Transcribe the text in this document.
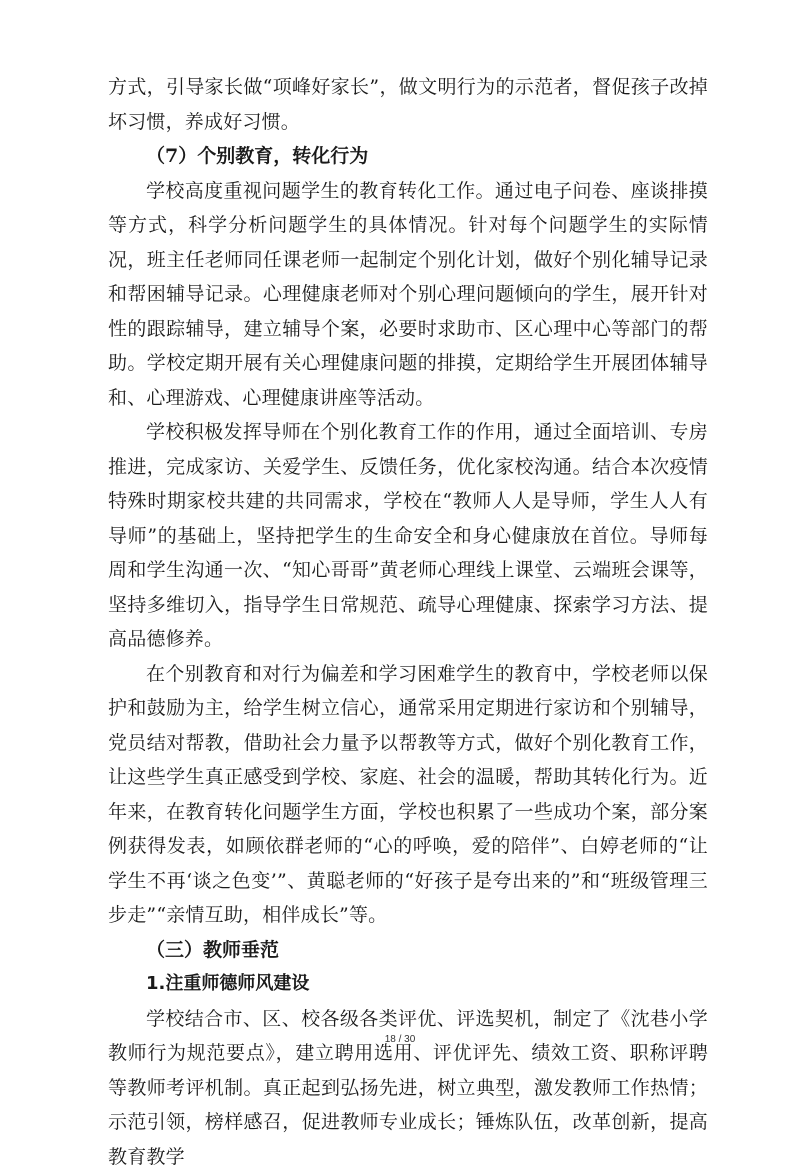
方式，引导家长做“项峰好家长”，做文明行为的示范者，督促孩子改掉坏习惯，养成好习惯。

（7）个别教育，转化行为

学校高度重视问题学生的教育转化工作。通过电子问卷、座谈排摸等方式，科学分析问题学生的具体情况。针对每个问题学生的实际情况，班主任老师同任课老师一起制定个别化计划，做好个别化辅导记录和帮困辅导记录。心理健康老师对个别心理问题倾向的学生，展开针对性的跟踪辅导，建立辅导个案，必要时求助市、区心理中心等部门的帮助。学校定期开展有关心理健康问题的排摸，定期给学生开展团体辅导和、心理游戏、心理健康讲座等活动。

学校积极发挥导师在个别化教育工作的作用，通过全面培训、专房推进，完成家访、关爱学生、反馈任务，优化家校沟通。结合本次疫情特殊时期家校共建的共同需求，学校在“教师人人是导师，学生人人有导师”的基础上，坚持把学生的生命安全和身心健康放在首位。导师每周和学生沟通一次、“知心哥哥”黄老师心理线上课堂、云端班会课等，坚持多维切入，指导学生日常规范、疏导心理健康、探索学习方法、提高品德修养。

在个别教育和对行为偏差和学习困难学生的教育中，学校老师以保护和鼓励为主，给学生树立信心，通常采用定期进行家访和个别辅导，党员结对帮教，借助社会力量予以帮教等方式，做好个别化教育工作，让这些学生真正感受到学校、家庭、社会的温暖，帮助其转化行为。近年来，在教育转化问题学生方面，学校也积累了一些成功个案，部分案例获得发表，如顾依群老师的“心的呼唤，爱的陪伴”、白婷老师的“让学生不再‘谈之色变’”、黄聪老师的“好孩子是夸出来的”和“班级管理三步走”“亲情互助，相伴成长”等。

（三）教师垂范

1.注重师德师风建设

学校结合市、区、校各级各类评优、评选契机，制定了《沈巷小学教师行为规范要点》，建立聘用选用、评优评先、绩效工资、职称评聘等教师考评机制。真正起到弘扬先进，树立典型，激发教师工作热情；示范引领，榜样感召，促进教师专业成长；锤炼队伍，改革创新，提高教育教学

18 / 30
